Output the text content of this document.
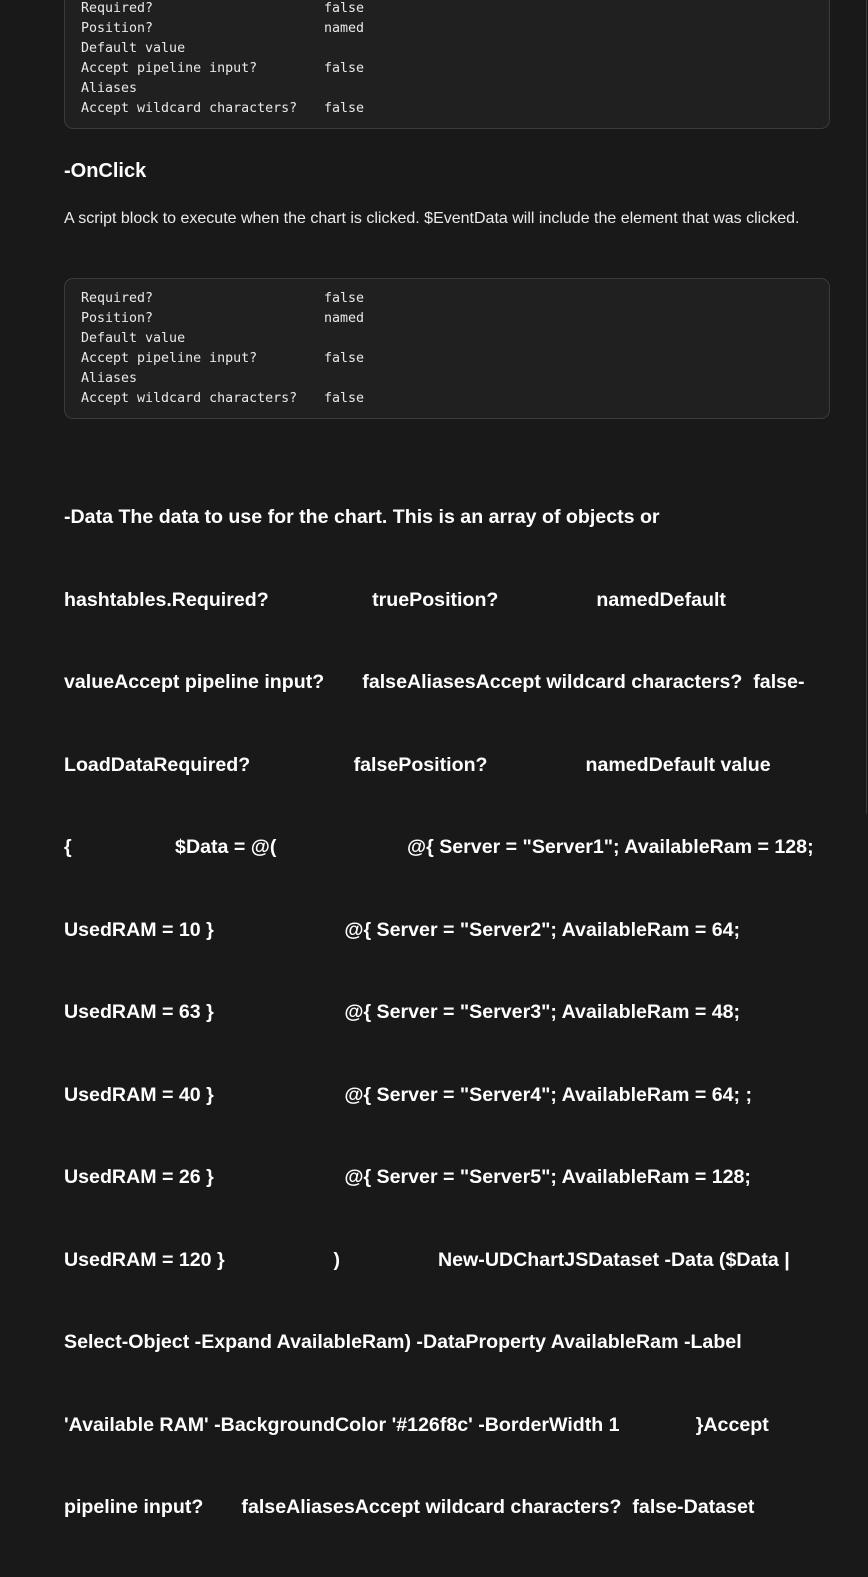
Required?	false
Position?	named
Default value
Accept pipeline input?	false
Aliases
Accept wildcard characters?	false
-OnClick

A script block to execute when the chart is clicked. $EventData will include the element that was clicked.

Required?	false
Position?	named
Default value
Accept pipeline input?	false
Aliases
Accept wildcard characters?	false

-Data The data to use for the chart. This is an array of objects or

hashtables.Required?                   truePosition?                  namedDefault

valueAccept pipeline input?       falseAliasesAccept wildcard characters?  false-

LoadDataRequired?                   falsePosition?                  namedDefault value

{                   $Data = @(                        @{ Server = "Server1"; AvailableRam = 128;

UsedRAM = 10 }                        @{ Server = "Server2"; AvailableRam = 64;

UsedRAM = 63 }                        @{ Server = "Server3"; AvailableRam = 48;

UsedRAM = 40 }                        @{ Server = "Server4"; AvailableRam = 64; ;

UsedRAM = 26 }                        @{ Server = "Server5"; AvailableRam = 128;

UsedRAM = 120 }                    )                  New-UDChartJSDataset -Data ($Data |

Select-Object -Expand AvailableRam) -DataProperty AvailableRam -Label

'Available RAM' -BackgroundColor '#126f8c' -BorderWidth 1              }Accept

pipeline input?       falseAliasesAccept wildcard characters?  false-Dataset
